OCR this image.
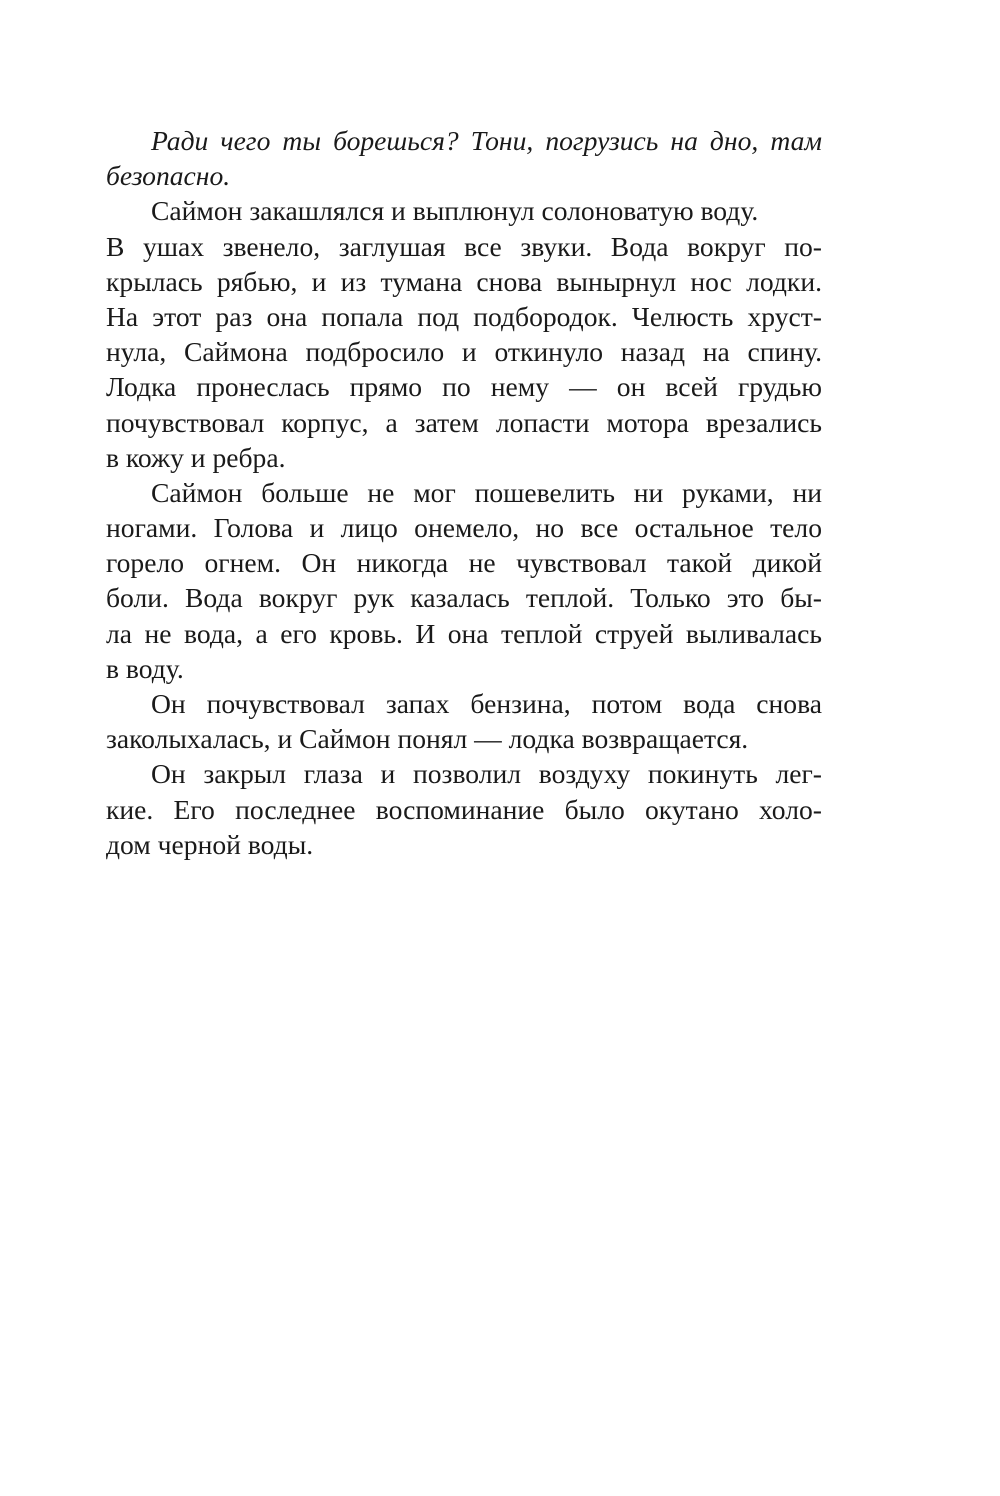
Ради чего ты борешься? Тони, погрузись на дно, там
безопасно.
Саймон закашлялся и выплюнул солоноватую воду.
В ушах звенело, заглушая все звуки. Вода вокруг по-
крылась рябью, и из тумана снова вынырнул нос лодки.
На этот раз она попала под подбородок. Челюсть хруст-
нула, Саймона подбросило и откинуло назад на спину.
Лодка пронеслась прямо по нему — он всей грудью
почувствовал корпус, а затем лопасти мотора врезались
в кожу и ребра.
Саймон больше не мог пошевелить ни руками, ни
ногами. Голова и лицо онемело, но все остальное тело
горело огнем. Он никогда не чувствовал такой дикой
боли. Вода вокруг рук казалась теплой. Только это бы-
ла не вода, а его кровь. И она теплой струей выливалась
в воду.
Он почувствовал запах бензина, потом вода снова
заколыхалась, и Саймон понял — лодка возвращается.
Он закрыл глаза и позволил воздуху покинуть лег-
кие. Его последнее воспоминание было окутано холо-
дом черной воды.
